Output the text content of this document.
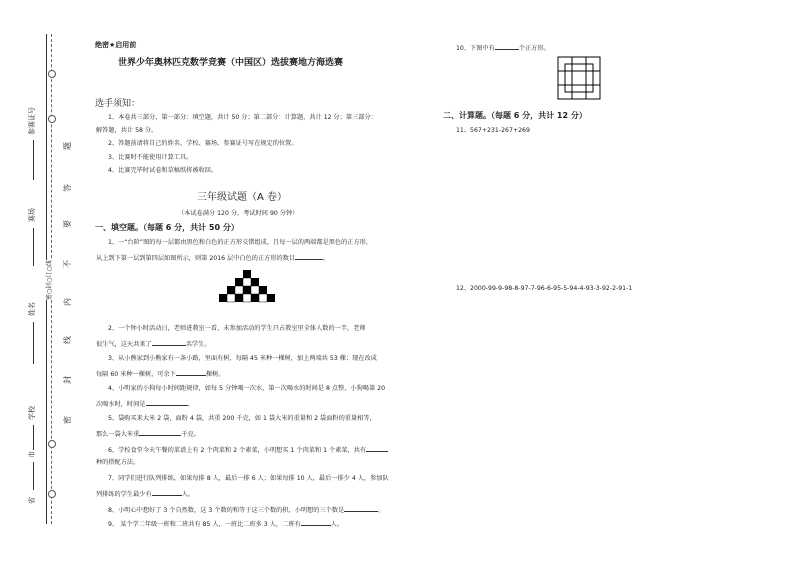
参赛证号
赛场
姓名
学校
市
省
密○封○订○线
题
答
要
不
内
线
封
密
绝密★启用前
世界少年奥林匹克数学竞赛（中国区）选拔赛地方海选赛
选手须知：
1、本卷共三部分，第一部分：填空题，共计 50 分；第二部分：计算题，共计 12 分；第三部分：
解答题，共计 58 分。
2、答题前请将自己的姓名、学校、赛场、参赛证号写在规定的位置。
3、比赛时不能使用计算工具。
4、比赛完毕时试卷和草稿纸将被收回。
三年级试题（A 卷）
（本试卷满分 120 分，考试时间 90 分钟）
一、填空题。（每题 6 分，共计 50 分）
1、一“台阶”图的每一层都由黑色和白色的正方形交错组成，且每一层的两端都是黑色的正方形，
从上到下第一层到第四层如图所示，则第 2016 层中白色的正方形的数目	。
2、一个钟小时活动日，老师进教室一看，未参加活动的学生只占教室里全体人数的一半，老师
很生气，这天共来了	名学生。
3、从小熊家到小熊家有一条小路，里面有树，每隔 45 米种一棵树，加上两端共 53 棵；现在改成
每隔 60 米种一棵树，可余下	棵树。
4、小明家的小狗每小时间距规律，如每 5 分钟喝一次水，第一次喝水的时间是 8 点整，小狗喝第 20
次喝水时，时间是	。
5、袋购买来大米 2 袋，面粉 4 袋，共重 200 千克，如 1 袋大米的重量和 2 袋面粉的重量相等，
那么一袋大米重	千克。
6、学校食堂今天午餐的菜谱上有 2 个肉菜和 2 个素菜，小明想买 1 个肉菜和 1 个素菜，共有
种的搭配方法。
7、同学们进行队列排练，如果每排 8 人，最后一排 6 人；如果每排 10 人，最后一排少 4 人，参加队
列排练的学生最少有	人。
8、小明心中想好了 3 个自然数，这 3 个数的和等于这三个数的积，小明想的三个数是	。
9、 某个学二年级一班和二班共有 85 人，一班比二班多 3 人，二班有	人。
10、下图中有	个正方形。
二、计算题。（每题 6 分，共计 12 分）
11、567+231-267+269
12、2000-99-9-98-8-97-7-96-6-95-5-94-4-93-3-92-2-91-1
